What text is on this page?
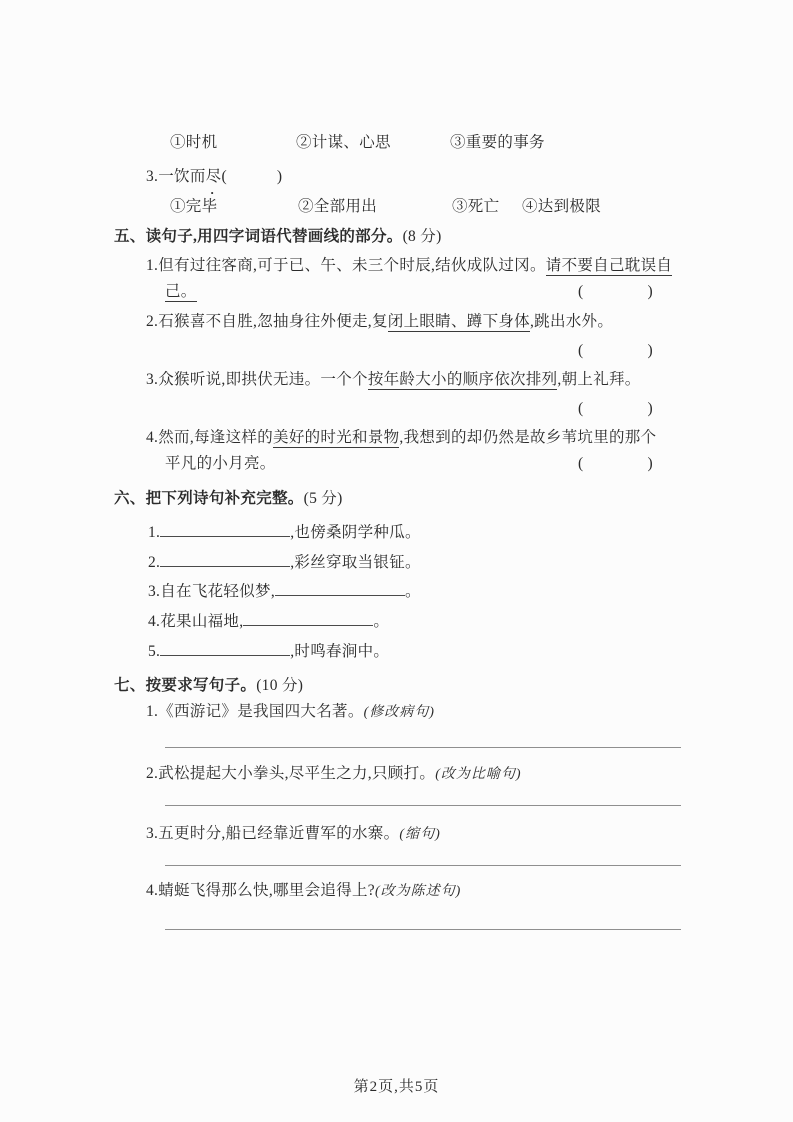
①时机	②计谋、心思	③重要的事务
3.一饮而尽(	)
·
①完毕	②全部用出	③死亡 ④达到极限
五、读句子,用四字词语代替画线的部分。(8 分)
1.但有过往客商,可于已、午、未三个时辰,结伙成队过冈。请不要自己耽误自
己。	(	)
2.石猴喜不自胜,忽抽身往外便走,复闭上眼睛、蹲下身体,跳出水外。
(	)
3.众猴听说,即拱伏无违。一个个按年龄大小的顺序依次排列,朝上礼拜。
(	)
4.然而,每逢这样的美好的时光和景物,我想到的却仍然是故乡苇坑里的那个
平凡的小月亮。	(	)
六、把下列诗句补充完整。(5 分)
1.	,也傍桑阴学种瓜。
2.	,彩丝穿取当银钲。
3.自在飞花轻似梦,	。
4.花果山福地,	。
5.	,时鸣春涧中。
七、按要求写句子。(10 分)
1.《西游记》是我国四大名著。(修改病句)
2.武松提起大小拳头,尽平生之力,只顾打。(改为比喻句)
3.五更时分,船已经靠近曹军的水寨。(缩句)
4.蜻蜓飞得那么快,哪里会追得上?(改为陈述句)
第2页,共5页
